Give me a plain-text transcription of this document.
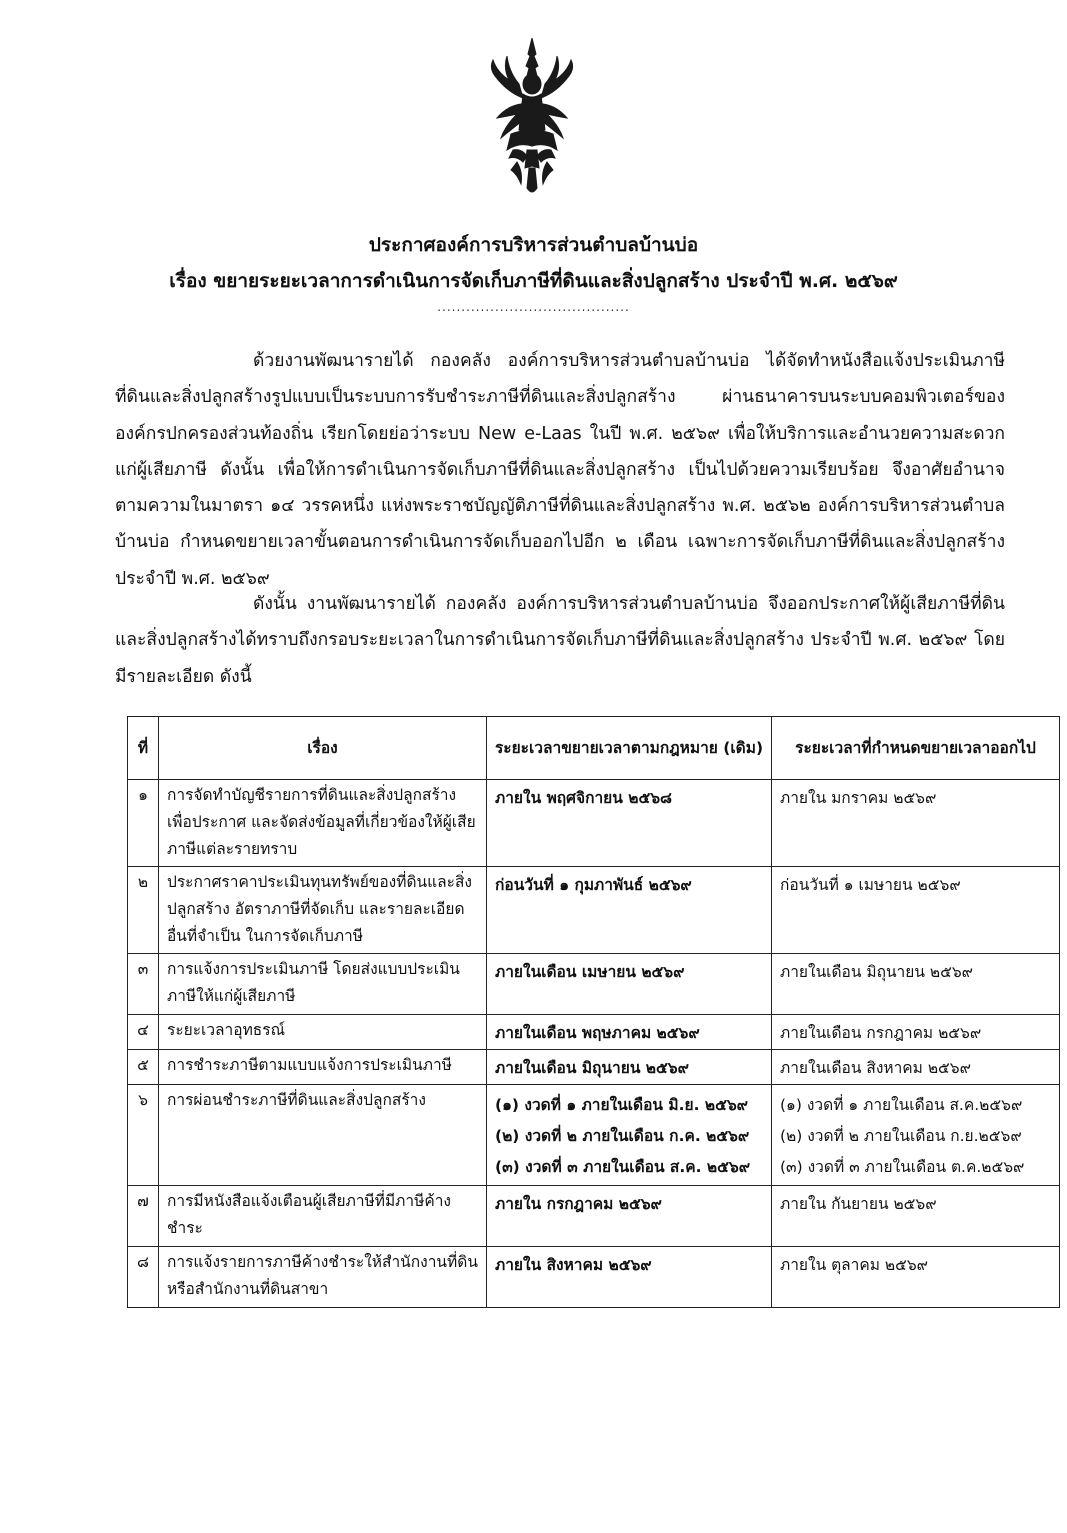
ประกาศองค์การบริหารส่วนตำบลบ้านบ่อ
เรื่อง ขยายระยะเวลาการดำเนินการจัดเก็บภาษีที่ดินและสิ่งปลูกสร้าง ประจำปี พ.ศ. ๒๕๖๙
........................................

ด้วยงานพัฒนารายได้ กองคลัง องค์การบริหารส่วนตำบลบ้านบ่อ ได้จัดทำหนังสือแจ้งประเมินภาษีที่ดินและสิ่งปลูกสร้างรูปแบบเป็นระบบการรับชำระภาษีที่ดินและสิ่งปลูกสร้าง ผ่านธนาคารบนระบบคอมพิวเตอร์ขององค์กรปกครองส่วนท้องถิ่น เรียกโดยย่อว่าระบบ New e-Laas ในปี พ.ศ. ๒๕๖๙ เพื่อให้บริการและอำนวยความสะดวกแก่ผู้เสียภาษี ดังนั้น เพื่อให้การดำเนินการจัดเก็บภาษีที่ดินและสิ่งปลูกสร้าง เป็นไปด้วยความเรียบร้อย จึงอาศัยอำนาจตามความในมาตรา ๑๔ วรรคหนึ่ง แห่งพระราชบัญญัติภาษีที่ดินและสิ่งปลูกสร้าง พ.ศ. ๒๕๖๒ องค์การบริหารส่วนตำบลบ้านบ่อ กำหนดขยายเวลาขั้นตอนการดำเนินการจัดเก็บออกไปอีก ๒ เดือน เฉพาะการจัดเก็บภาษีที่ดินและสิ่งปลูกสร้าง ประจำปี พ.ศ. ๒๕๖๙

ดังนั้น งานพัฒนารายได้ กองคลัง องค์การบริหารส่วนตำบลบ้านบ่อ จึงออกประกาศให้ผู้เสียภาษีที่ดินและสิ่งปลูกสร้างได้ทราบถึงกรอบระยะเวลาในการดำเนินการจัดเก็บภาษีที่ดินและสิ่งปลูกสร้าง ประจำปี พ.ศ. ๒๕๖๙ โดยมีรายละเอียด ดังนี้

ที่	เรื่อง	ระยะเวลาขยายเวลาตามกฎหมาย (เดิม)	ระยะเวลาที่กำหนดขยายเวลาออกไป
๑	การจัดทำบัญชีรายการที่ดินและสิ่งปลูกสร้าง เพื่อประกาศ และจัดส่งข้อมูลที่เกี่ยวข้องให้ผู้เสียภาษีแต่ละรายทราบ	ภายใน พฤศจิกายน ๒๕๖๘	ภายใน มกราคม ๒๕๖๙

๒	ประกาศราคาประเมินทุนทรัพย์ของที่ดินและสิ่งปลูกสร้าง อัตราภาษีที่จัดเก็บ และรายละเอียดอื่นที่จำเป็น ในการจัดเก็บภาษี	ก่อนวันที่ ๑ กุมภาพันธ์ ๒๕๖๙	ก่อนวันที่ ๑ เมษายน ๒๕๖๙

๓	การแจ้งการประเมินภาษี โดยส่งแบบประเมินภาษีให้แก่ผู้เสียภาษี	ภายในเดือน เมษายน ๒๕๖๙	ภายในเดือน มิถุนายน ๒๕๖๙

๔	ระยะเวลาอุทธรณ์	ภายในเดือน พฤษภาคม ๒๕๖๙	ภายในเดือน กรกฎาคม ๒๕๖๙

๕	การชำระภาษีตามแบบแจ้งการประเมินภาษี	ภายในเดือน มิถุนายน ๒๕๖๙	ภายในเดือน สิงหาคม ๒๕๖๙

๖	การผ่อนชำระภาษีที่ดินและสิ่งปลูกสร้าง	(๑) งวดที่ ๑ ภายในเดือน มิ.ย. ๒๕๖๙
(๒) งวดที่ ๒ ภายในเดือน ก.ค. ๒๕๖๙
(๓) งวดที่ ๓ ภายในเดือน ส.ค. ๒๕๖๙	(๑) งวดที่ ๑ ภายในเดือน ส.ค.๒๕๖๙
(๒) งวดที่ ๒ ภายในเดือน ก.ย.๒๕๖๙
(๓) งวดที่ ๓ ภายในเดือน ต.ค.๒๕๖๙

๗	การมีหนังสือแจ้งเตือนผู้เสียภาษีที่มีภาษีค้างชำระ	ภายใน กรกฎาคม ๒๕๖๙	ภายใน กันยายน ๒๕๖๙

๘	การแจ้งรายการภาษีค้างชำระให้สำนักงานที่ดินหรือสำนักงานที่ดินสาขา	ภายใน สิงหาคม ๒๕๖๙	ภายใน ตุลาคม ๒๕๖๙
